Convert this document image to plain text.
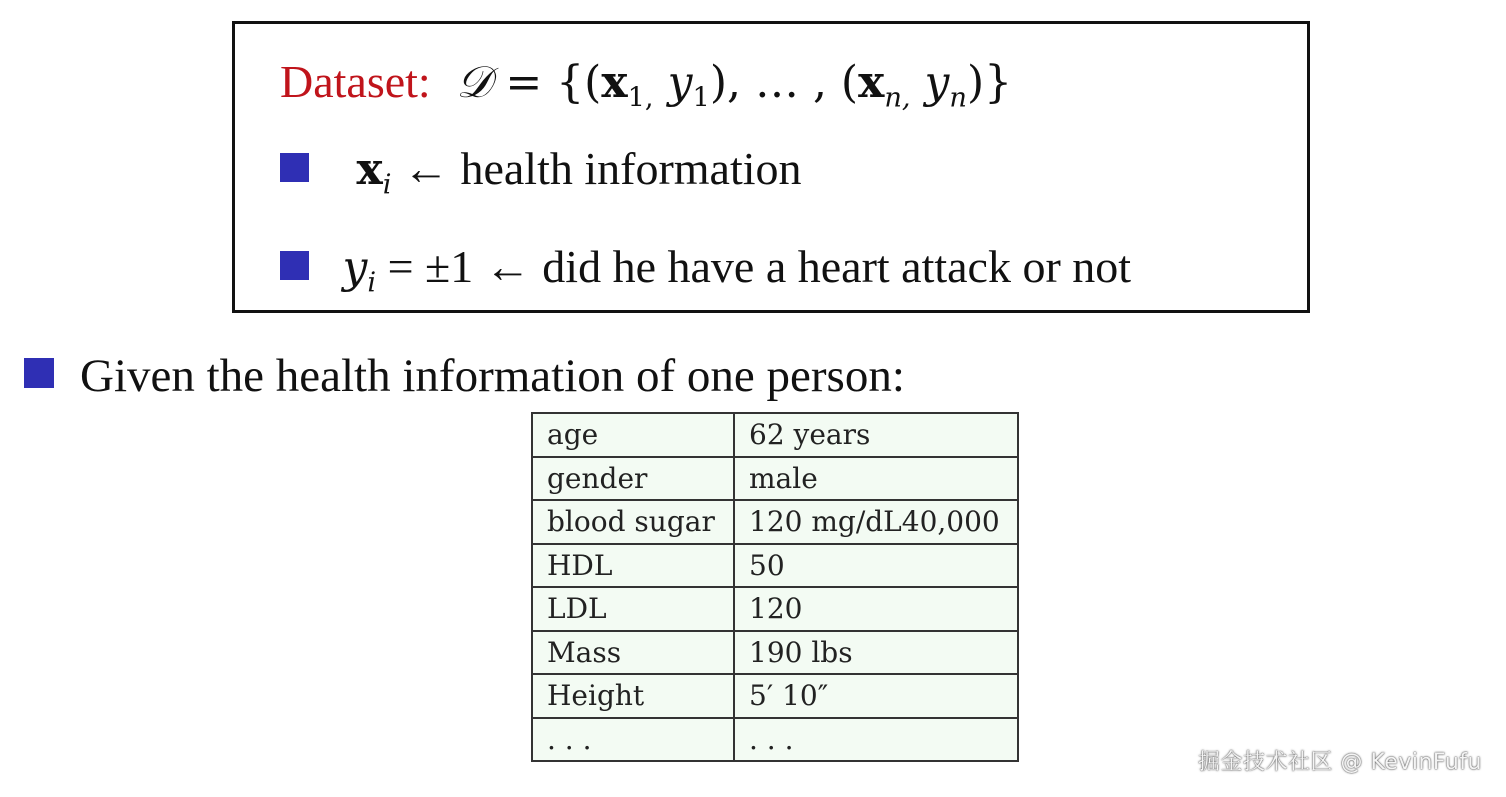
Dataset: 𝒟 = {($x_{1,}$ $y_1$), … , ($x_{n,}$ $y_n$)}
$x_i$ ← health information
$y_i = \pm 1$ ← did he have a heart attack or not
Given the health information of one person:
age	62 years
gender	male
blood sugar	120 mg/dL40,000
HDL	50
LDL	120
Mass	190 lbs
Height	5′ 10″
. . .	. . .
掘金技术社区 @ KevinFufu
